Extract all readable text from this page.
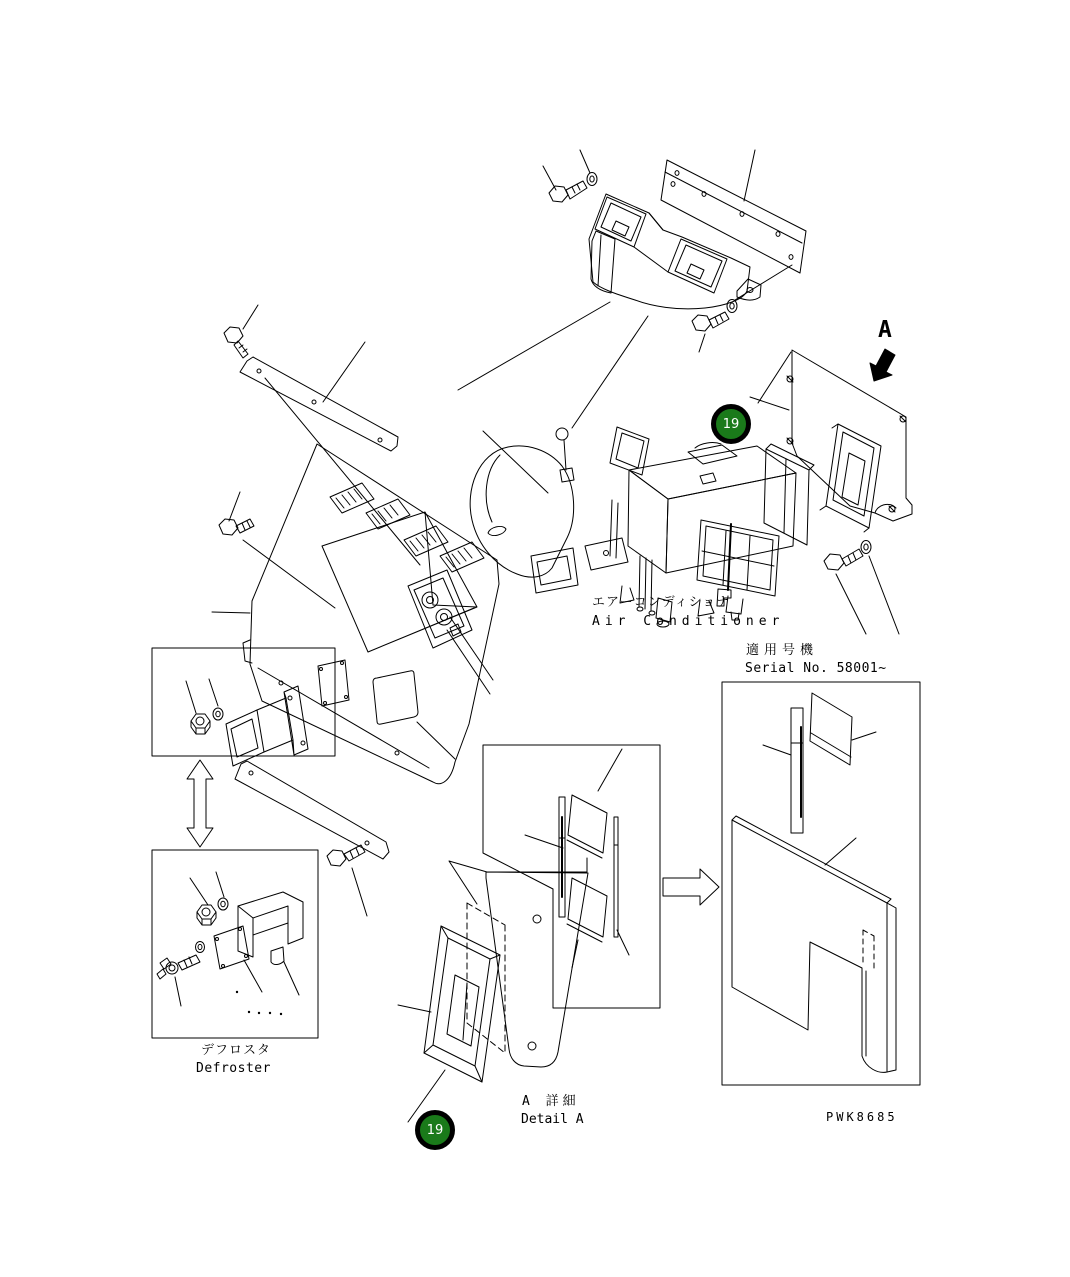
エアーコンディショナ
Air Conditioner
適用号機
Serial No. 58001~
デフロスタ
Defroster
A 詳細
Detail A	PWK8685
A
19
19
